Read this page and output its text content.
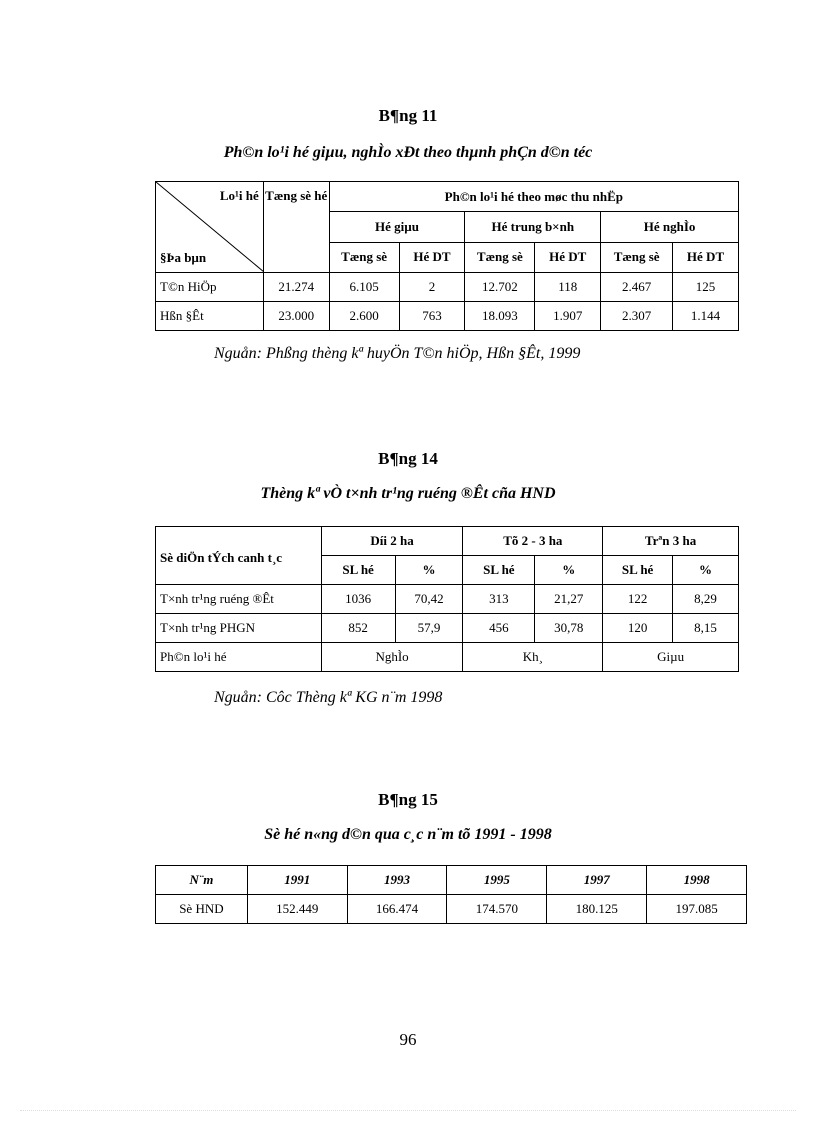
B¶ng 11
Ph©n lo¹i hé giµu, nghÌo xÐt theo thµnh phÇn d©n téc
Lo¹i hé
§Þa bµn	Tæng sè hé	Ph©n lo¹i hé theo møc thu nhËp					
		Hé giµu		Hé trung b×nh		Hé nghÌo	
		Tæng sè	Hé DT	Tæng sè	Hé DT	Tæng sè	Hé DT
T©n HiÖp	21.274	6.105	2	12.702	118	2.467	125
Hßn §Êt	23.000	2.600	763	18.093	1.907	2.307	1.144
Nguån: Phßng thèng kª huyÖn T©n hiÖp, Hßn §Êt, 1999
B¶ng 14
Thèng kª vÒ t×nh tr¹ng ruéng ®Êt cña HND
Sè diÖn tÝch canh t¸c	Díi 2 ha		Tõ 2 - 3 ha		Trªn 3 ha	
	SL hé	%	SL hé	%	SL hé	%
T×nh tr¹ng ruéng ®Êt	1036	70,42	313	21,27	122	8,29
T×nh tr¹ng PHGN	852	57,9	456	30,78	120	8,15
Ph©n lo¹i hé	NghÌo		Kh¸		Giµu	
Nguån: Côc Thèng kª KG n¨m 1998
B¶ng 15
Sè hé n«ng d©n qua c¸c n¨m tõ 1991 - 1998
N¨m	1991	1993	1995	1997	1998
Sè HND	152.449	166.474	174.570	180.125	197.085
96
